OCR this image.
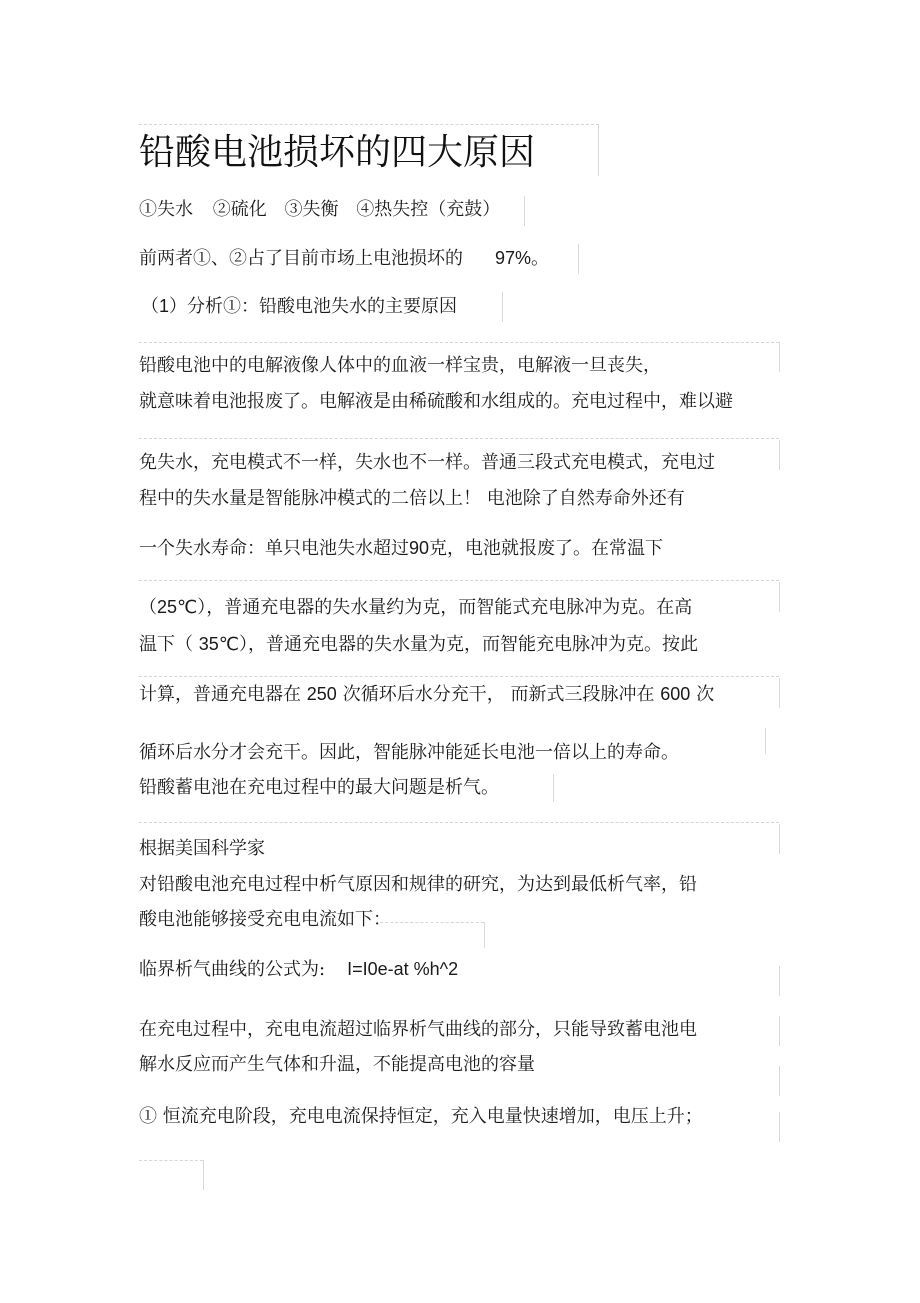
铅酸电池损坏的四大原因
①失水 ②硫化 ③失衡 ④热失控（充鼓）
前两者①、②占了目前市场上电池损坏的 97%。
（1）分析①：铅酸电池失水的主要原因
铅酸电池中的电解液像人体中的血液一样宝贵，电解液一旦丧失，
就意味着电池报废了。电解液是由稀硫酸和水组成的。充电过程中，难以避
免失水，充电模式不一样，失水也不一样。普通三段式充电模式，充电过
程中的失水量是智能脉冲模式的二倍以上！ 电池除了自然寿命外还有
一个失水寿命：单只电池失水超过90克，电池就报废了。在常温下
（25℃），普通充电器的失水量约为克，而智能式充电脉冲为克。在高
温下（ 35℃），普通充电器的失水量为克，而智能充电脉冲为克。按此
计算，普通充电器在 250 次循环后水分充干， 而新式三段脉冲在 600 次
循环后水分才会充干。因此，智能脉冲能延长电池一倍以上的寿命。
铅酸蓄电池在充电过程中的最大问题是析气。
根据美国科学家
对铅酸电池充电过程中析气原因和规律的研究，为达到最低析气率，铅
酸电池能够接受充电电流如下：
临界析气曲线的公式为: I=I0e-at %h^2
在充电过程中，充电电流超过临界析气曲线的部分，只能导致蓄电池电
解水反应而产生气体和升温，不能提高电池的容量
① 恒流充电阶段，充电电流保持恒定，充入电量快速增加，电压上升；
